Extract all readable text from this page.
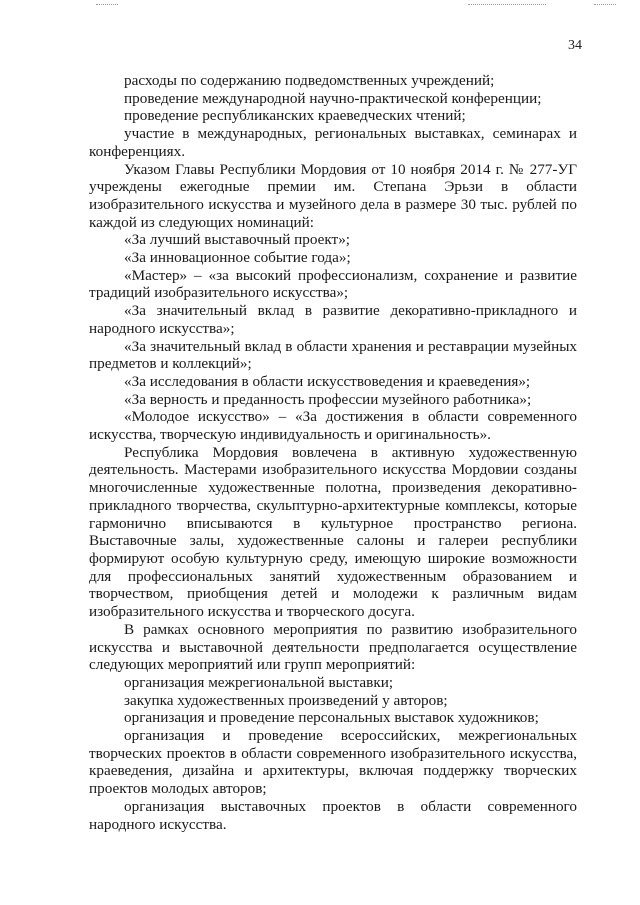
34

расходы по содержанию подведомственных учреждений;

проведение международной научно-практической конференции;

проведение республиканских краеведческих чтений;

участие в международных, региональных выставках, семинарах и конференциях.

Указом Главы Республики Мордовия от 10 ноября 2014 г. № 277-УГ учреждены ежегодные премии им. Степана Эрьзи в области изобразительного искусства и музейного дела в размере 30 тыс. рублей по каждой из следующих номинаций:

«За лучший выставочный проект»;

«За инновационное событие года»;

«Мастер» – «за высокий профессионализм, сохранение и развитие традиций изобразительного искусства»;

«За значительный вклад в развитие декоративно-прикладного и народного искусства»;

«За значительный вклад в области хранения и реставрации музейных предметов и коллекций»;

«За исследования в области искусствоведения и краеведения»;

«За верность и преданность профессии музейного работника»;

«Молодое искусство» – «За достижения в области современного искусства, творческую индивидуальность и оригинальность».

Республика Мордовия вовлечена в активную художественную деятельность. Мастерами изобразительного искусства Мордовии созданы многочисленные художественные полотна, произведения декоративно-прикладного творчества, скульптурно-архитектурные комплексы, которые гармонично вписываются в культурное пространство региона. Выставочные залы, художественные салоны и галереи республики формируют особую культурную среду, имеющую широкие возможности для профессиональных занятий художественным образованием и творчеством, приобщения детей и молодежи к различным видам изобразительного искусства и творческого досуга.

В рамках основного мероприятия по развитию изобразительного искусства и выставочной деятельности предполагается осуществление следующих мероприятий или групп мероприятий:

организация межрегиональной выставки;

закупка художественных произведений у авторов;

организация и проведение персональных выставок художников;

организация и проведение всероссийских, межрегиональных творческих проектов в области современного изобразительного искусства, краеведения, дизайна и архитектуры, включая поддержку творческих проектов молодых авторов;

организация выставочных проектов в области современного народного искусства.
